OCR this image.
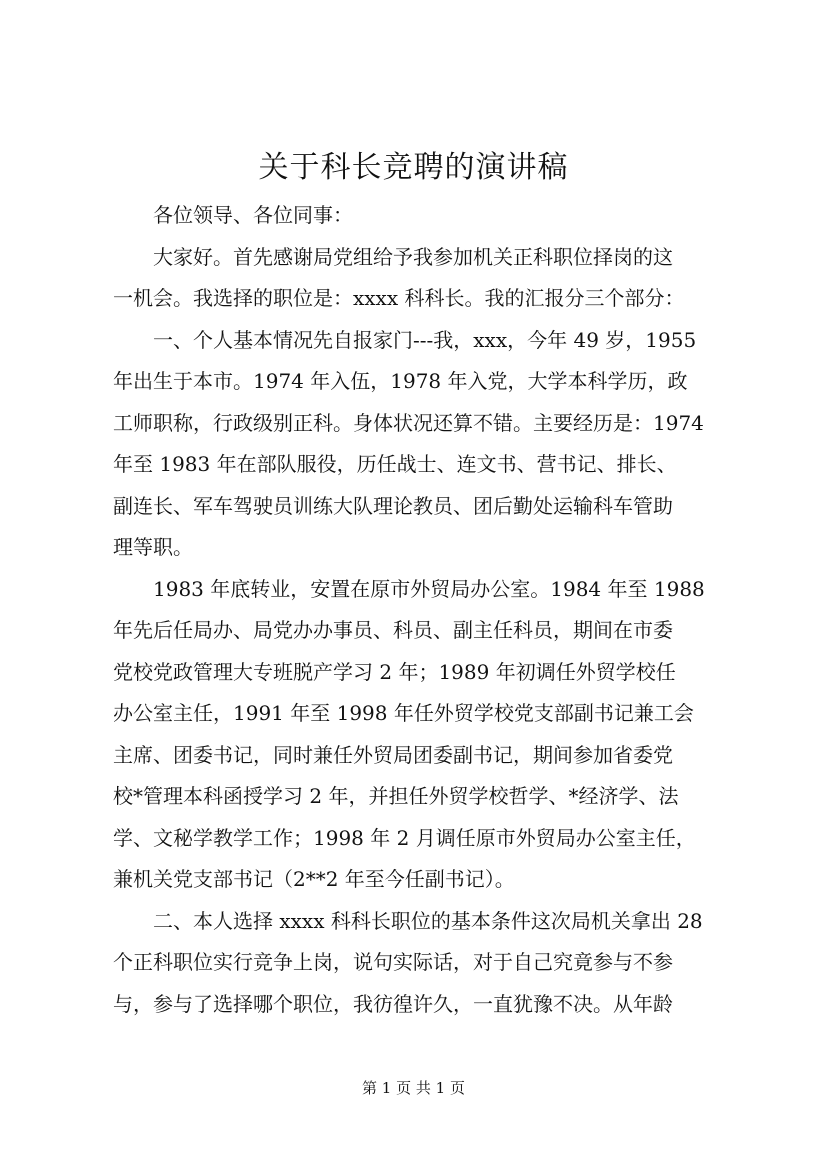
关于科长竞聘的演讲稿
各位领导、各位同事：
大家好。首先感谢局党组给予我参加机关正科职位择岗的这
一机会。我选择的职位是：xxxx 科科长。我的汇报分三个部分：
一、个人基本情况先自报家门---我，xxx，今年 49 岁，1955
年出生于本市。1974 年入伍，1978 年入党，大学本科学历，政
工师职称，行政级别正科。身体状况还算不错。主要经历是：1974
年至 1983 年在部队服役，历任战士、连文书、营书记、排长、
副连长、军车驾驶员训练大队理论教员、团后勤处运输科车管助
理等职。
1983 年底转业，安置在原市外贸局办公室。1984 年至 1988
年先后任局办、局党办办事员、科员、副主任科员，期间在市委
党校党政管理大专班脱产学习 2 年；1989 年初调任外贸学校任
办公室主任，1991 年至 1998 年任外贸学校党支部副书记兼工会
主席、团委书记，同时兼任外贸局团委副书记，期间参加省委党
校*管理本科函授学习 2 年，并担任外贸学校哲学、*经济学、法
学、文秘学教学工作；1998 年 2 月调任原市外贸局办公室主任，
兼机关党支部书记（2**2 年至今任副书记）。
二、本人选择 xxxx 科科长职位的基本条件这次局机关拿出 28
个正科职位实行竞争上岗，说句实际话，对于自己究竟参与不参
与，参与了选择哪个职位，我彷徨许久，一直犹豫不决。从年龄
第 1 页 共 1 页
